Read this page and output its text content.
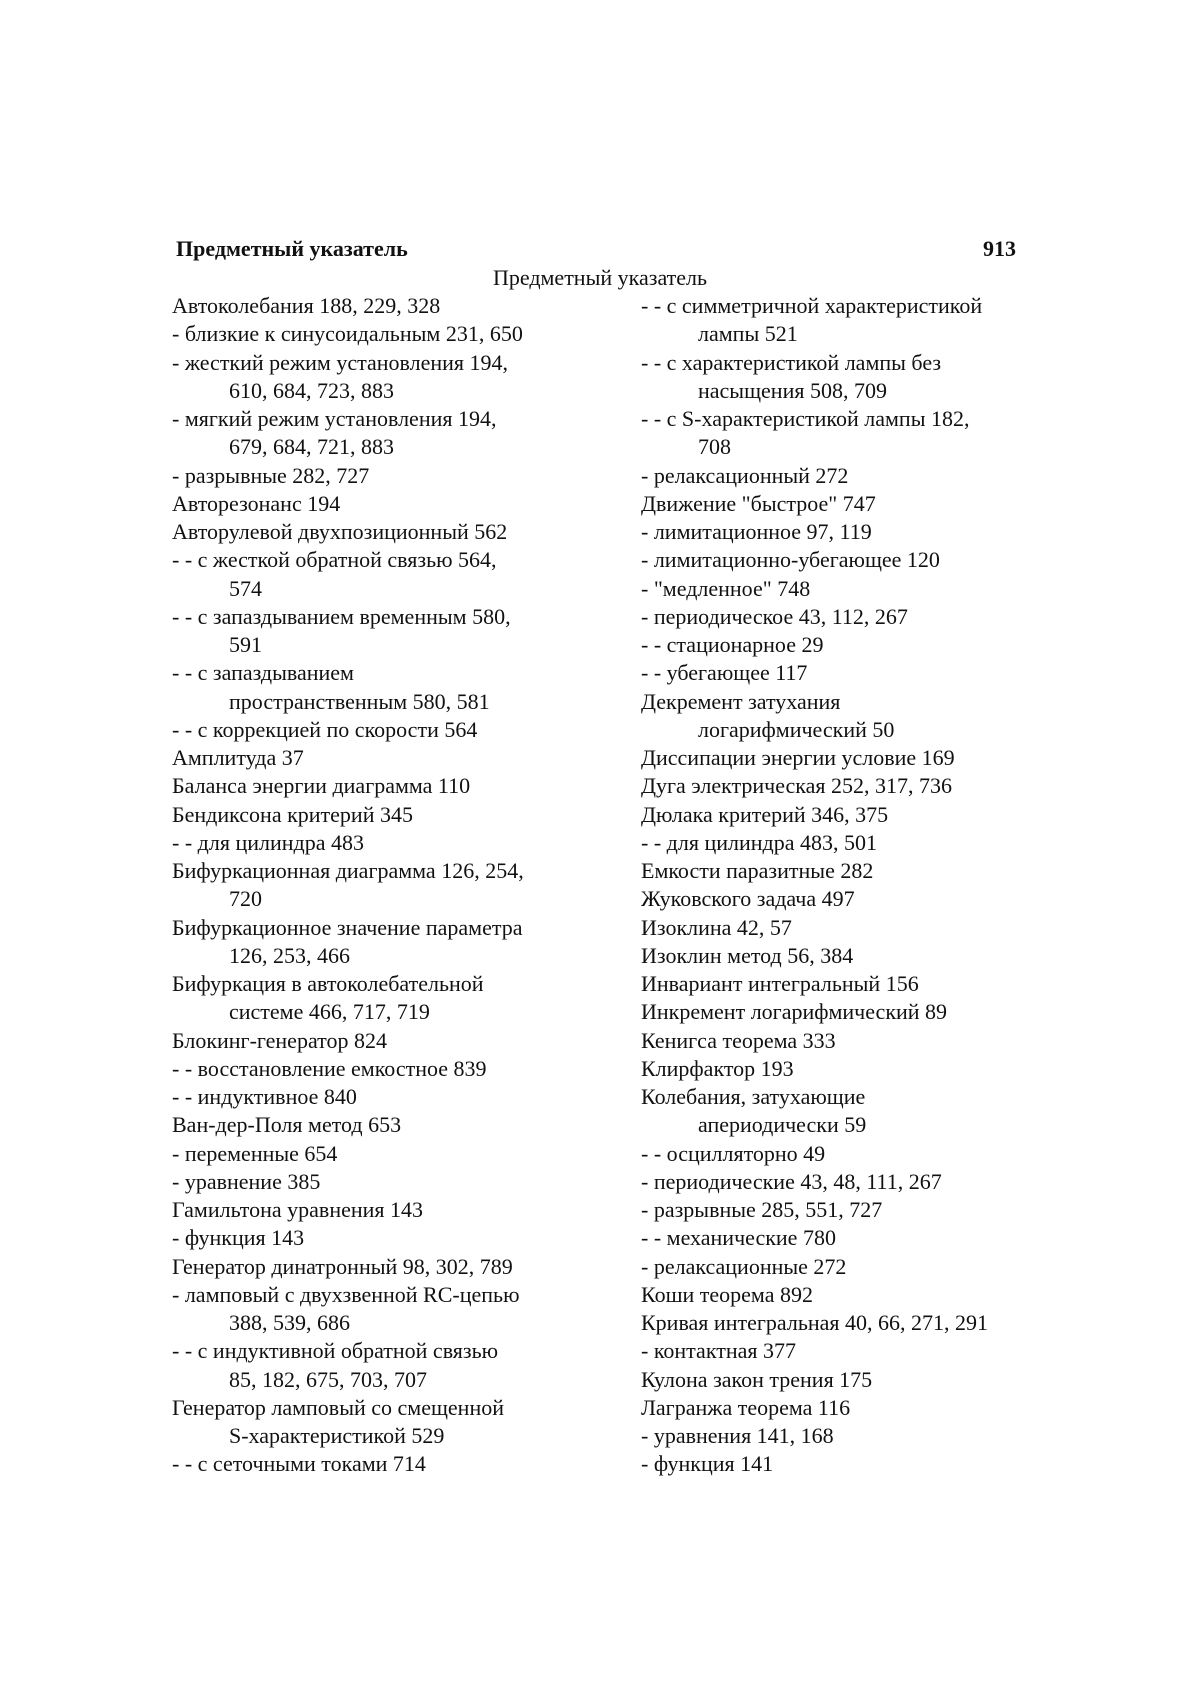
Предметный указатель	913
Предметный указатель
Автоколебания 188, 229, 328
- близкие к синусоидальным 231, 650
- жесткий режим установления 194,
610, 684, 723, 883
- мягкий режим установления 194,
679, 684, 721, 883
- разрывные 282, 727
Авторезонанс 194
Авторулевой двухпозиционный 562
- - с жесткой обратной связью 564,
574
- - с запаздыванием временным 580,
591
- - с запаздыванием
пространственным 580, 581
- - с коррекцией по скорости 564
Амплитуда 37
Баланса энергии диаграмма 110
Бендиксона критерий 345
- - для цилиндра 483
Бифуркационная диаграмма 126, 254,
720
Бифуркационное значение параметра
126, 253, 466
Бифуркация в автоколебательной
системе 466, 717, 719
Блокинг-генератор 824
- - восстановление емкостное 839
- - индуктивное 840
Ван-дер-Поля метод 653
- переменные 654
- уравнение 385
Гамильтона уравнения 143
- функция 143
Генератор динатронный 98, 302, 789
- ламповый с двухзвенной RC-цепью
388, 539, 686
- - с индуктивной обратной связью
85, 182, 675, 703, 707
Генератор ламповый со смещенной
S-характеристикой 529
- - с сеточными токами 714
- - с симметричной характеристикой
лампы 521
- - с характеристикой лампы без
насыщения 508, 709
- - с S-характеристикой лампы 182,
708
- релаксационный 272
Движение "быстрое" 747
- лимитационное 97, 119
- лимитационно-убегающее 120
- "медленное" 748
- периодическое 43, 112, 267
- - стационарное 29
- - убегающее 117
Декремент затухания
логарифмический 50
Диссипации энергии условие 169
Дуга электрическая 252, 317, 736
Дюлака критерий 346, 375
- - для цилиндра 483, 501
Емкости паразитные 282
Жуковского задача 497
Изоклина 42, 57
Изоклин метод 56, 384
Инвариант интегральный 156
Инкремент логарифмический 89
Кенигса теорема 333
Клирфактор 193
Колебания, затухающие
апериодически 59
- - осцилляторно 49
- периодические 43, 48, 111, 267
- разрывные 285, 551, 727
- - механические 780
- релаксационные 272
Коши теорема 892
Кривая интегральная 40, 66, 271, 291
- контактная 377
Кулона закон трения 175
Лагранжа теорема 116
- уравнения 141, 168
- функция 141
